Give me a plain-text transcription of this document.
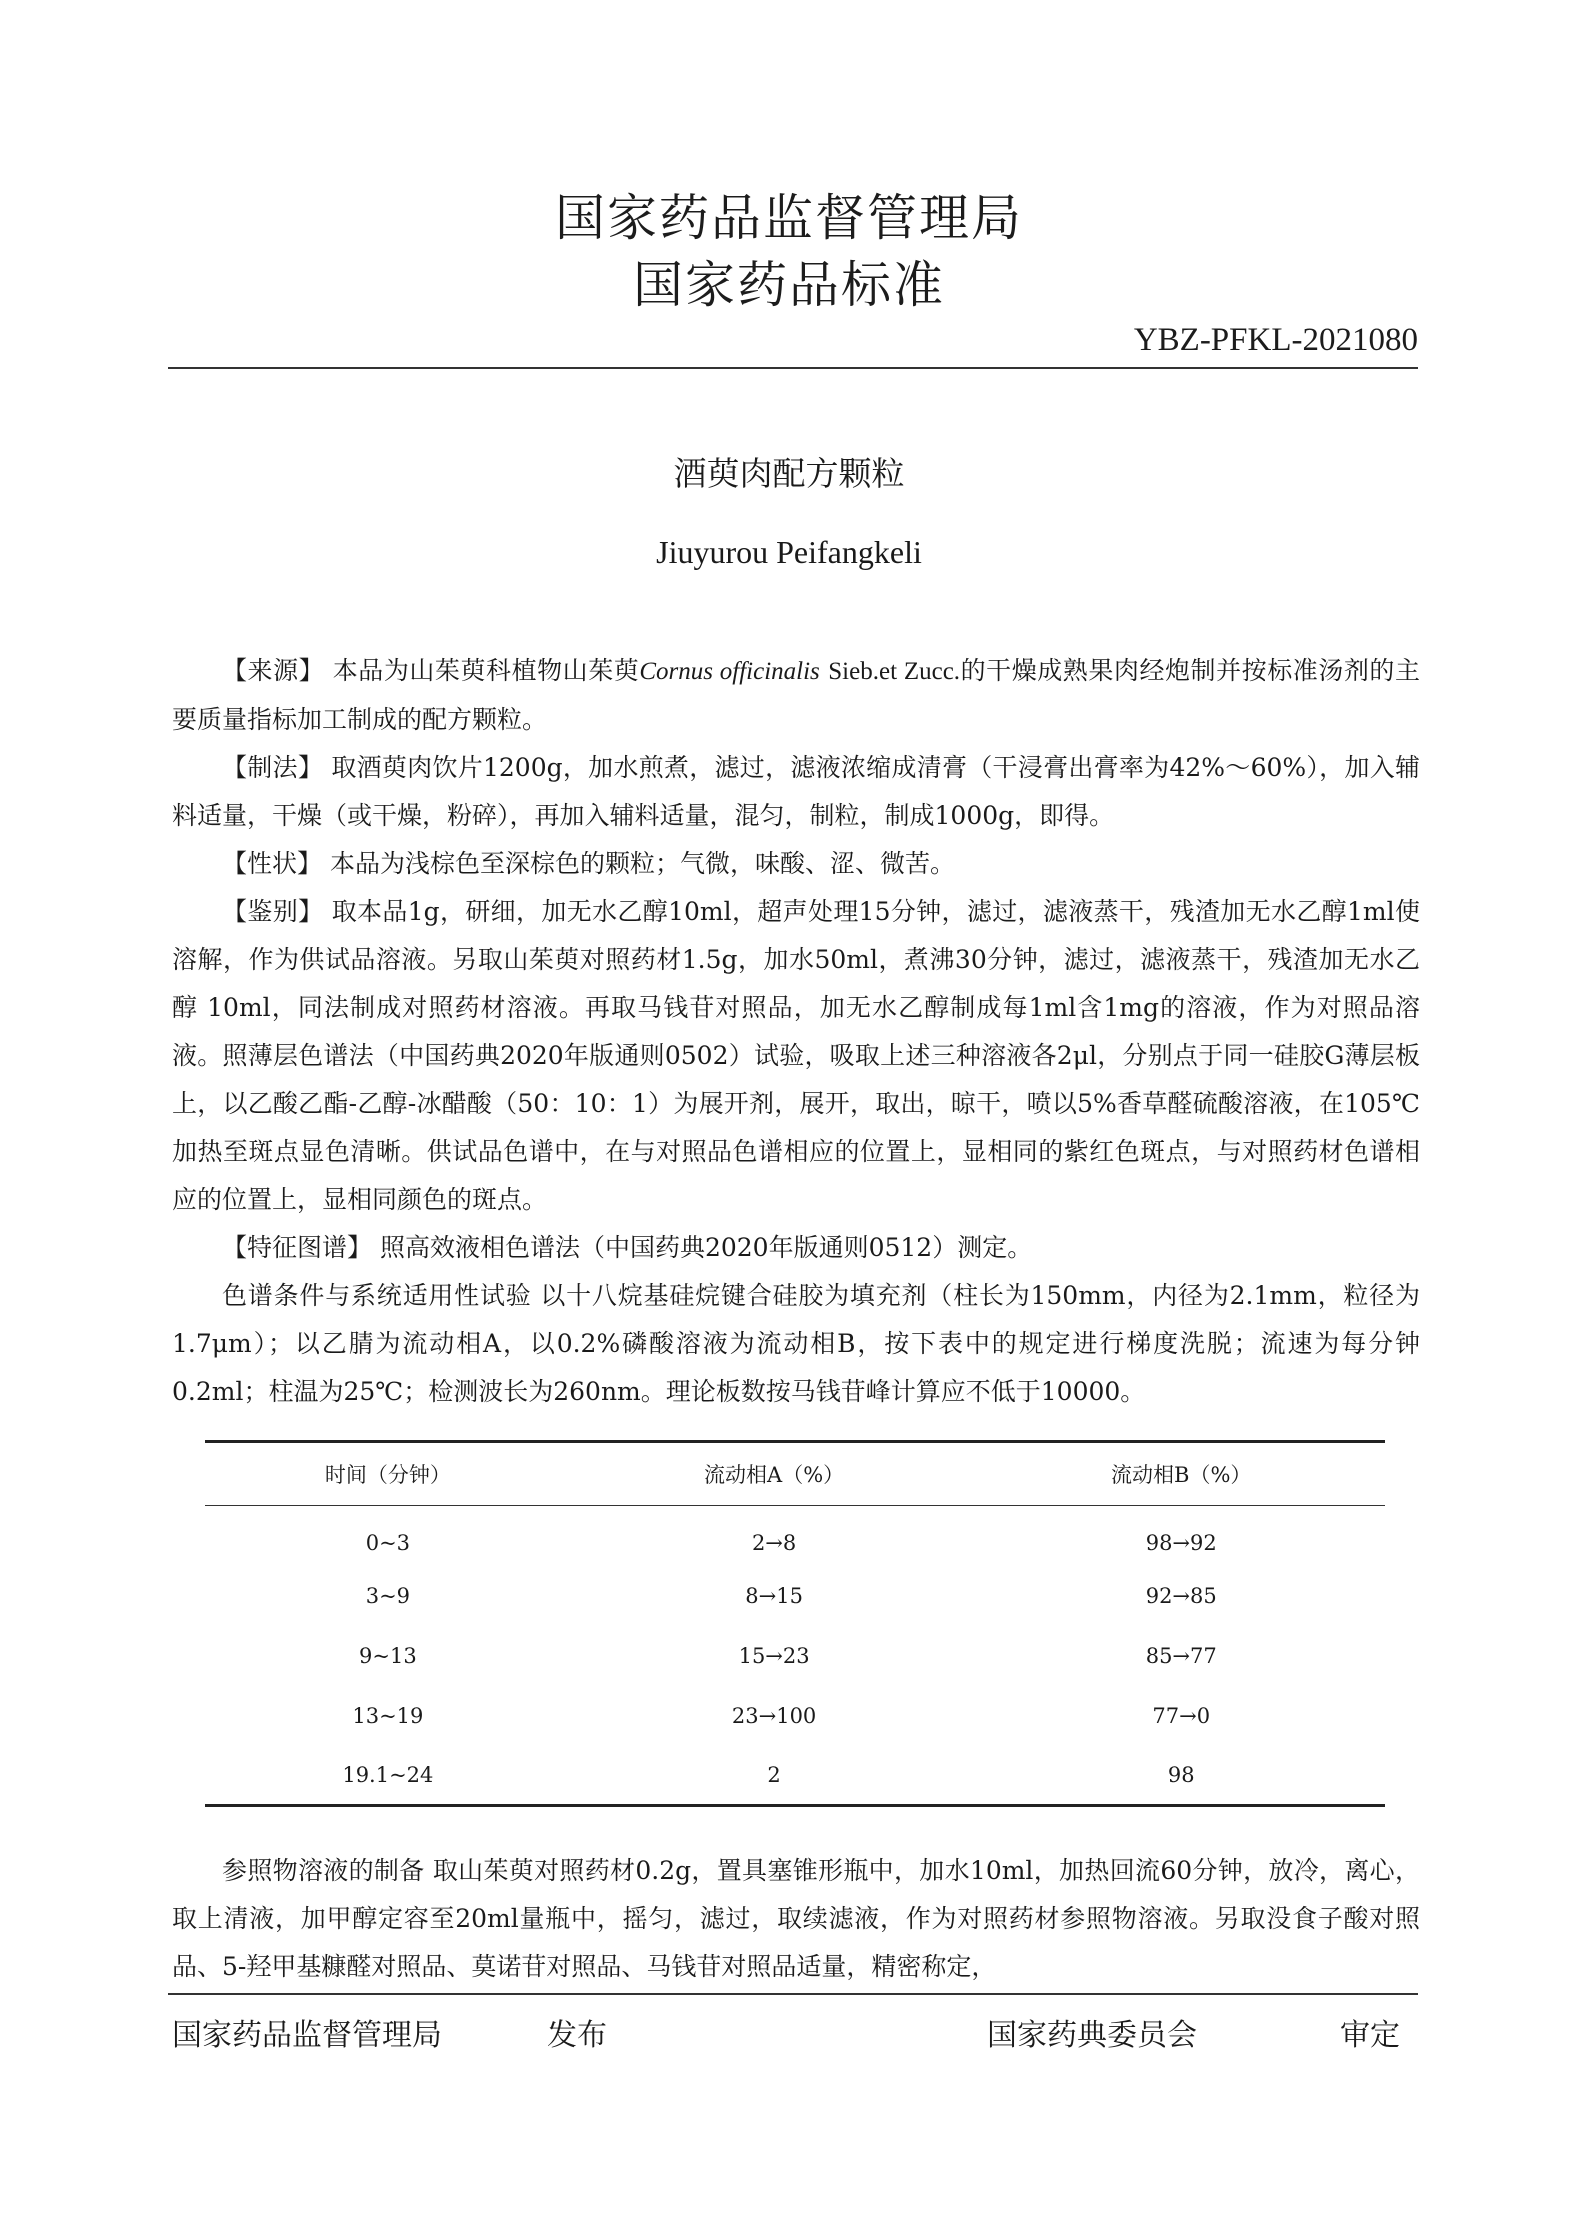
国家药品监督管理局
国家药品标准
YBZ-PFKL-2021080
酒萸肉配方颗粒
Jiuyurou Peifangkeli

【来源】 本品为山茱萸科植物山茱萸Cornus officinalis Sieb.et Zucc.的干燥成熟果肉经炮制并按标准汤剂的主要质量指标加工制成的配方颗粒。

【制法】 取酒萸肉饮片1200g，加水煎煮，滤过，滤液浓缩成清膏（干浸膏出膏率为42%～60%），加入辅料适量，干燥（或干燥，粉碎），再加入辅料适量，混匀，制粒，制成1000g，即得。

【性状】 本品为浅棕色至深棕色的颗粒；气微，味酸、涩、微苦。

【鉴别】 取本品1g，研细，加无水乙醇10ml，超声处理15分钟，滤过，滤液蒸干，残渣加无水乙醇1ml使溶解，作为供试品溶液。另取山茱萸对照药材1.5g，加水50ml，煮沸30分钟，滤过，滤液蒸干，残渣加无水乙醇 10ml，同法制成对照药材溶液。再取马钱苷对照品，加无水乙醇制成每1ml含1mg的溶液，作为对照品溶液。照薄层色谱法（中国药典2020年版通则0502）试验，吸取上述三种溶液各2μl，分别点于同一硅胶G薄层板上，以乙酸乙酯-乙醇-冰醋酸（50：10：1）为展开剂，展开，取出，晾干，喷以5%香草醛硫酸溶液，在105℃加热至斑点显色清晰。供试品色谱中，在与对照品色谱相应的位置上，显相同的紫红色斑点，与对照药材色谱相应的位置上，显相同颜色的斑点。

【特征图谱】 照高效液相色谱法（中国药典2020年版通则0512）测定。

色谱条件与系统适用性试验 以十八烷基硅烷键合硅胶为填充剂（柱长为150mm，内径为2.1mm，粒径为1.7μm）；以乙腈为流动相A，以0.2%磷酸溶液为流动相B，按下表中的规定进行梯度洗脱；流速为每分钟0.2ml；柱温为25℃；检测波长为260nm。理论板数按马钱苷峰计算应不低于10000。

时间（分钟）	流动相A（%）	流动相B（%）
0~3	2→8	98→92
3~9	8→15	92→85
9~13	15→23	85→77
13~19	23→100	77→0
19.1~24	2	98

参照物溶液的制备 取山茱萸对照药材0.2g，置具塞锥形瓶中，加水10ml，加热回流60分钟，放冷，离心，取上清液，加甲醇定容至20ml量瓶中，摇匀，滤过，取续滤液，作为对照药材参照物溶液。另取没食子酸对照品、5-羟甲基糠醛对照品、莫诺苷对照品、马钱苷对照品适量，精密称定，

国家药品监督管理局	发布	国家药典委员会	审定
